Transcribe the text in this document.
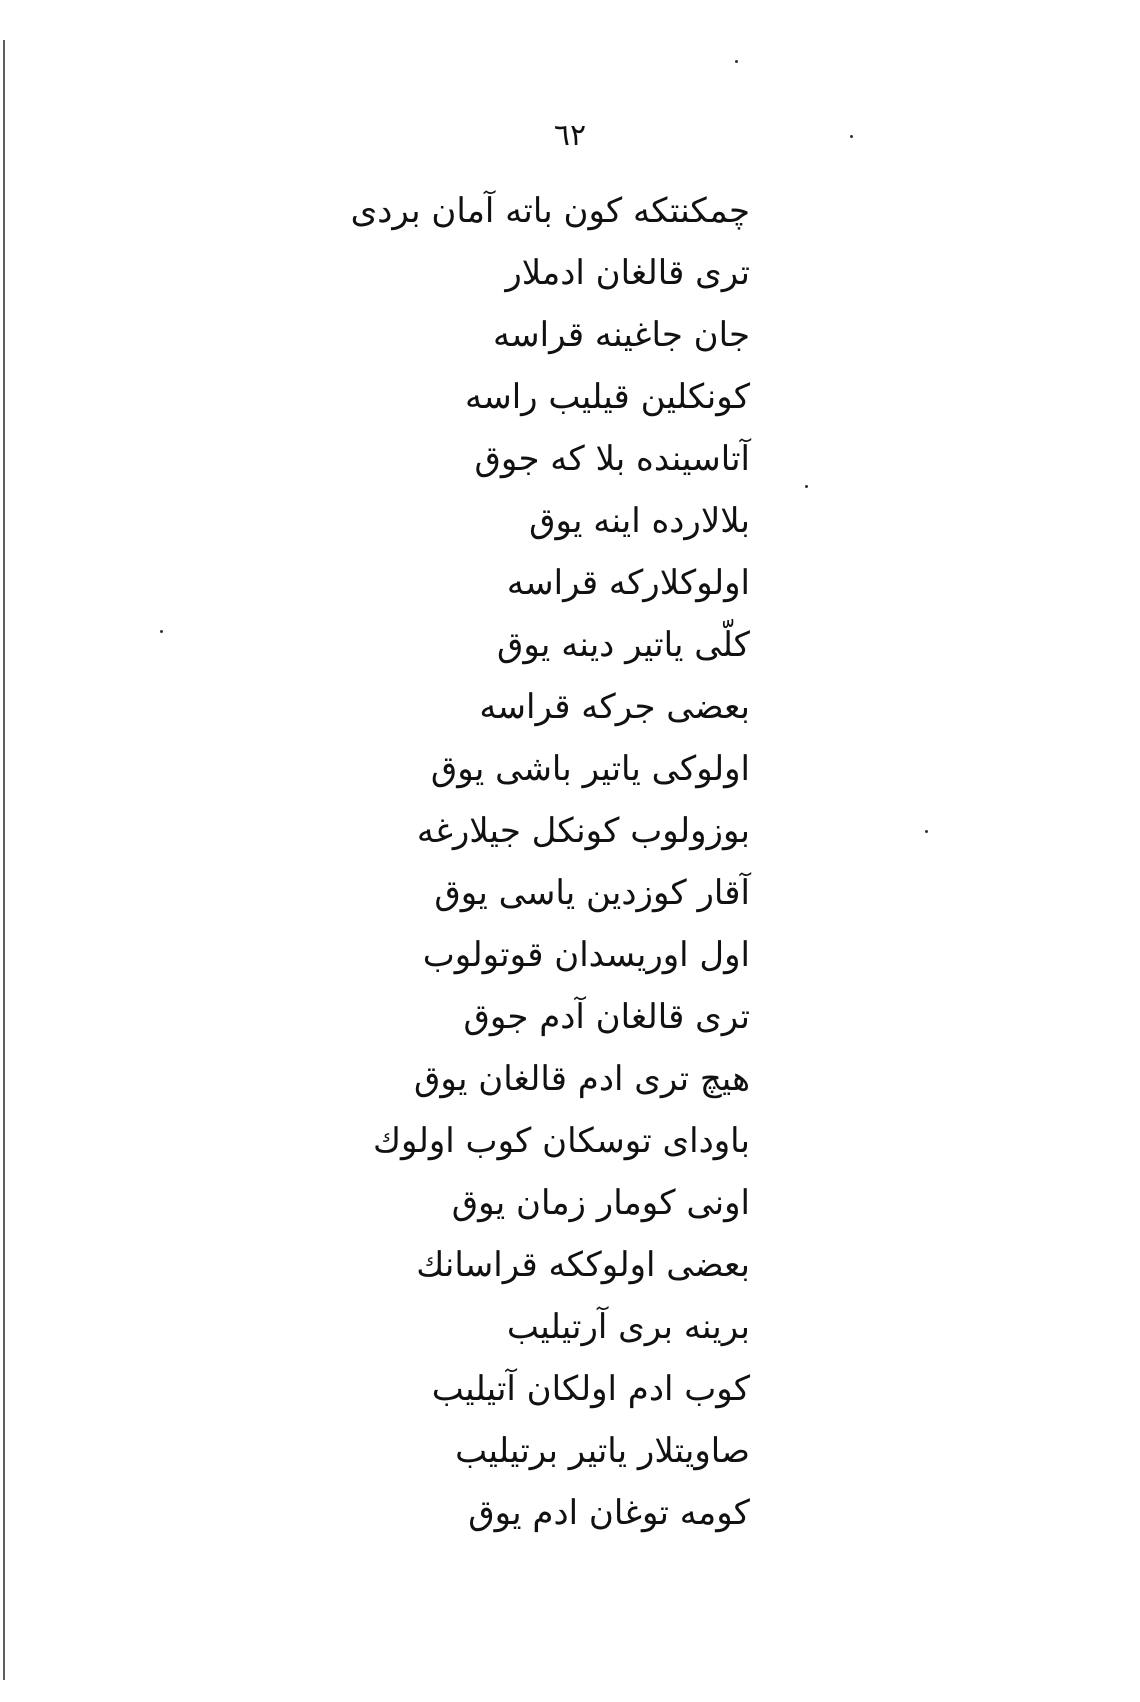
٦٢
چمکنتکه کون باته آمان بردی
تری قالغان ادملار
جان جاغینه قراسه
کونکلین قیلیب راسه
آتاسینده بلا که جوق
بلالارده اینه یوق
اولوکلارکه قراسه
کلّی یاتیر دینه یوق
بعضی جرکه قراسه
اولوکی یاتیر باشی یوق
بوزولوب کونکل جیلارغه
آقار کوزدین یاسی یوق
اول اوریسدان قوتولوب
تری قالغان آدم جوق
هیچ تری ادم قالغان یوق
باودای توسکان کوب اولوك
اونی کومار زمان یوق
بعضی اولوککه قراسانك
برینه بری آرتیلیب
کوب ادم اولکان آتیلیب
صاویتلار یاتیر برتیلیب
کومه توغان ادم یوق
